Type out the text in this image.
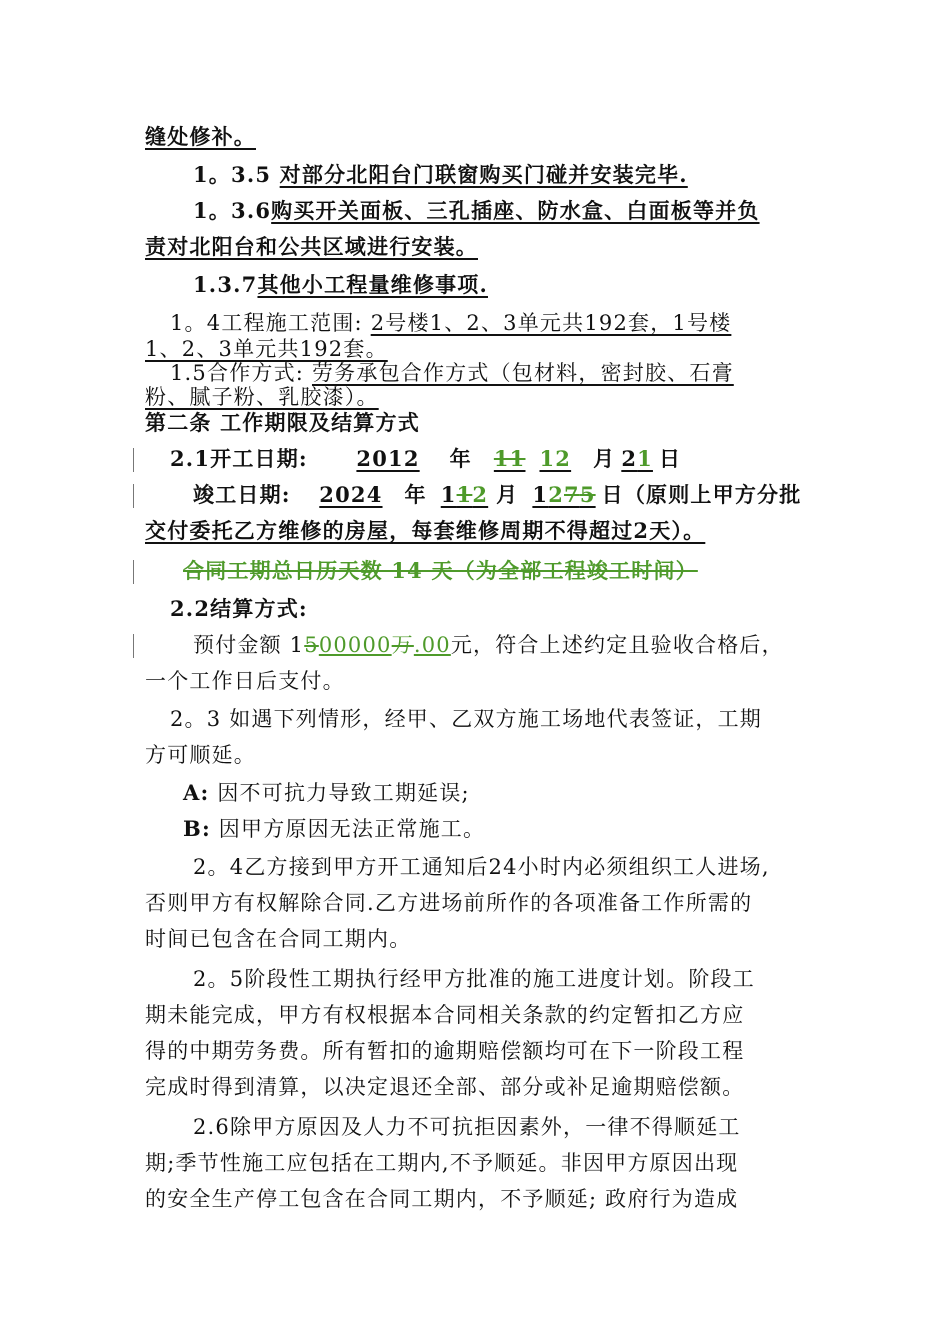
缝处修补。
1。3.5 对部分北阳台门联窗购买门碰并安装完毕.
1。3.6购买开关面板、三孔插座、防水盒、白面板等并负
责对北阳台和公共区域进行安装。
1.3.7其他小工程量维修事项.
1。4工程施工范围: 2号楼1、2、3单元共192套，1号楼
1、2、3单元共192套。
1.5合作方式: 劳务承包合作方式（包材料，密封胶、石膏
粉、腻子粉、乳胶漆）。
第二条 工作期限及结算方式
2.1开工日期: 2012 年 11 12 月 21 日
竣工日期: 2024 年 112 月 1275 日（原则上甲方分批
交付委托乙方维修的房屋，每套维修周期不得超过2天）。
合同工期总日历天数 14 天（为全部工程竣工时间）
2.2结算方式:
预付金额 1500000万.00元，符合上述约定且验收合格后，
一个工作日后支付。
2。3 如遇下列情形，经甲、乙双方施工场地代表签证，工期
方可顺延。
A: 因不可抗力导致工期延误;
B: 因甲方原因无法正常施工。
2。4乙方接到甲方开工通知后24小时内必须组织工人进场,
否则甲方有权解除合同.乙方进场前所作的各项准备工作所需的
时间已包含在合同工期内。
2。5阶段性工期执行经甲方批准的施工进度计划。阶段工
期未能完成，甲方有权根据本合同相关条款的约定暂扣乙方应
得的中期劳务费。所有暂扣的逾期赔偿额均可在下一阶段工程
完成时得到清算，以决定退还全部、部分或补足逾期赔偿额。
2.6除甲方原因及人力不可抗拒因素外，一律不得顺延工
期;季节性施工应包括在工期内,不予顺延。非因甲方原因出现
的安全生产停工包含在合同工期内，不予顺延; 政府行为造成
